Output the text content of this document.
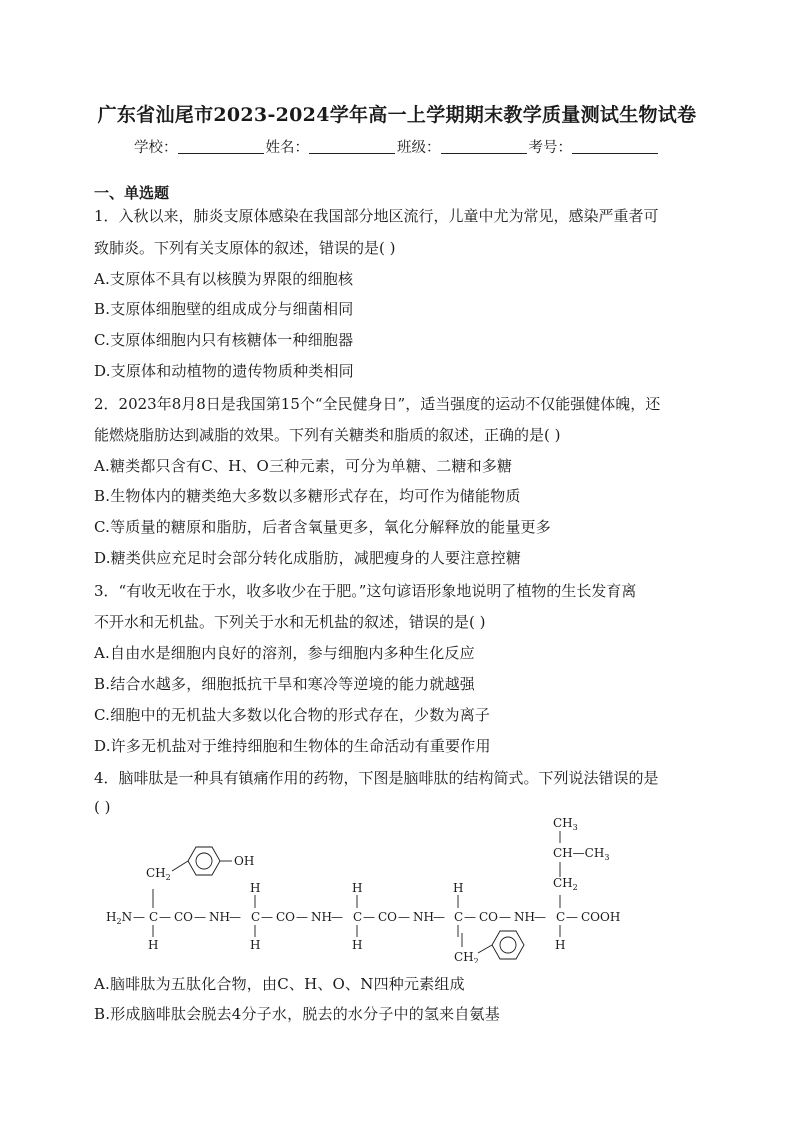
广东省汕尾市2023-2024学年高一上学期期末教学质量测试生物试卷
学校：	姓名：	班级：	考号：
一、单选题
1．入秋以来，肺炎支原体感染在我国部分地区流行，儿童中尤为常见，感染严重者可
致肺炎。下列有关支原体的叙述，错误的是( )
A.支原体不具有以核膜为界限的细胞核
B.支原体细胞壁的组成成分与细菌相同
C.支原体细胞内只有核糖体一种细胞器
D.支原体和动植物的遗传物质种类相同
2．2023年8月8日是我国第15个“全民健身日”，适当强度的运动不仅能强健体魄，还
能燃烧脂肪达到减脂的效果。下列有关糖类和脂质的叙述，正确的是( )
A.糖类都只含有C、H、O三种元素，可分为单糖、二糖和多糖
B.生物体内的糖类绝大多数以多糖形式存在，均可作为储能物质
C.等质量的糖原和脂肪，后者含氧量更多，氧化分解释放的能量更多
D.糖类供应充足时会部分转化成脂肪，减肥瘦身的人要注意控糖
3．“有收无收在于水，收多收少在于肥。”这句谚语形象地说明了植物的生长发育离
不开水和无机盐。下列关于水和无机盐的叙述，错误的是( )
A.自由水是细胞内良好的溶剂，参与细胞内多种生化反应
B.结合水越多，细胞抵抗干旱和寒冷等逆境的能力就越强
C.细胞中的无机盐大多数以化合物的形式存在，少数为离子
D.许多无机盐对于维持细胞和生物体的生命活动有重要作用
4．脑啡肽是一种具有镇痛作用的药物，下图是脑啡肽的结构简式。下列说法错误的是
( )
$H_2N$ — C — CO — NH — C — CO — NH — C — CO — NH — C — CO — NH — C — COOH
H	H	H
H	H	H	H
$CH_2$
OH
$CH_2$
$CH_2$
$CH—CH_3$
$CH_3$
A.脑啡肽为五肽化合物，由C、H、O、N四种元素组成
B.形成脑啡肽会脱去4分子水，脱去的水分子中的氢来自氨基
